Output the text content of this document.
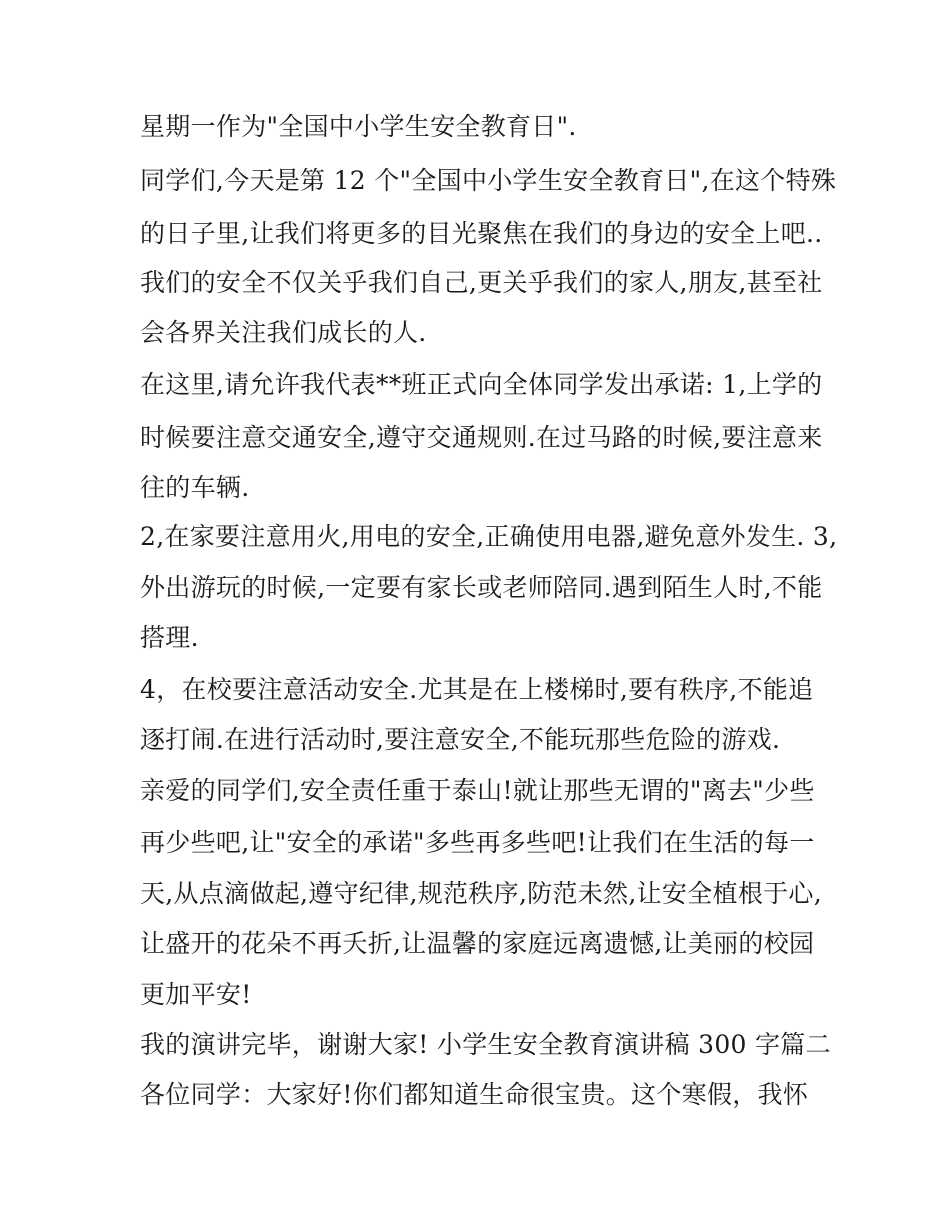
星期一作为"全国中小学生安全教育日".
同学们,今天是第 12 个"全国中小学生安全教育日",在这个特殊
的日子里,让我们将更多的目光聚焦在我们的身边的安全上吧..
我们的安全不仅关乎我们自己,更关乎我们的家人,朋友,甚至社
会各界关注我们成长的人.
在这里,请允许我代表**班正式向全体同学发出承诺: 1,上学的
时候要注意交通安全,遵守交通规则.在过马路的时候,要注意来
往的车辆.
2,在家要注意用火,用电的安全,正确使用电器,避免意外发生. 3,
外出游玩的时候,一定要有家长或老师陪同.遇到陌生人时,不能
搭理.
4，在校要注意活动安全.尤其是在上楼梯时,要有秩序,不能追
逐打闹.在进行活动时,要注意安全,不能玩那些危险的游戏.
亲爱的同学们,安全责任重于泰山!就让那些无谓的"离去"少些
再少些吧,让"安全的承诺"多些再多些吧!让我们在生活的每一
天,从点滴做起,遵守纪律,规范秩序,防范未然,让安全植根于心,
让盛开的花朵不再夭折,让温馨的家庭远离遗憾,让美丽的校园
更加平安!
我的演讲完毕，谢谢大家! 小学生安全教育演讲稿 300 字篇二
各位同学：大家好!你们都知道生命很宝贵。这个寒假，我怀
